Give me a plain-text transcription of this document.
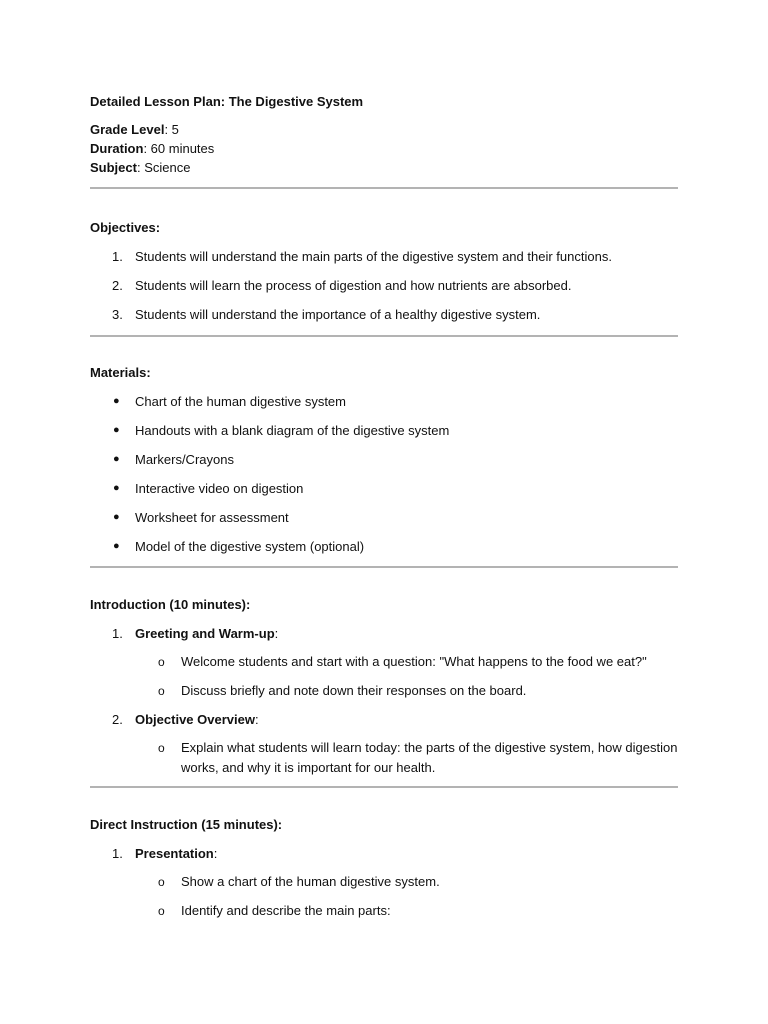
Detailed Lesson Plan: The Digestive System
Grade Level: 5
Duration: 60 minutes
Subject: Science
Objectives:
1. Students will understand the main parts of the digestive system and their functions.
2. Students will learn the process of digestion and how nutrients are absorbed.
3. Students will understand the importance of a healthy digestive system.
Materials:
● Chart of the human digestive system
● Handouts with a blank diagram of the digestive system
● Markers/Crayons
● Interactive video on digestion
● Worksheet for assessment
● Model of the digestive system (optional)
Introduction (10 minutes):
1. Greeting and Warm-up:
o Welcome students and start with a question: "What happens to the food we eat?"
o Discuss briefly and note down their responses on the board.
2. Objective Overview:
o Explain what students will learn today: the parts of the digestive system, how digestion
works, and why it is important for our health.
Direct Instruction (15 minutes):
1. Presentation:
o Show a chart of the human digestive system.
o Identify and describe the main parts:
